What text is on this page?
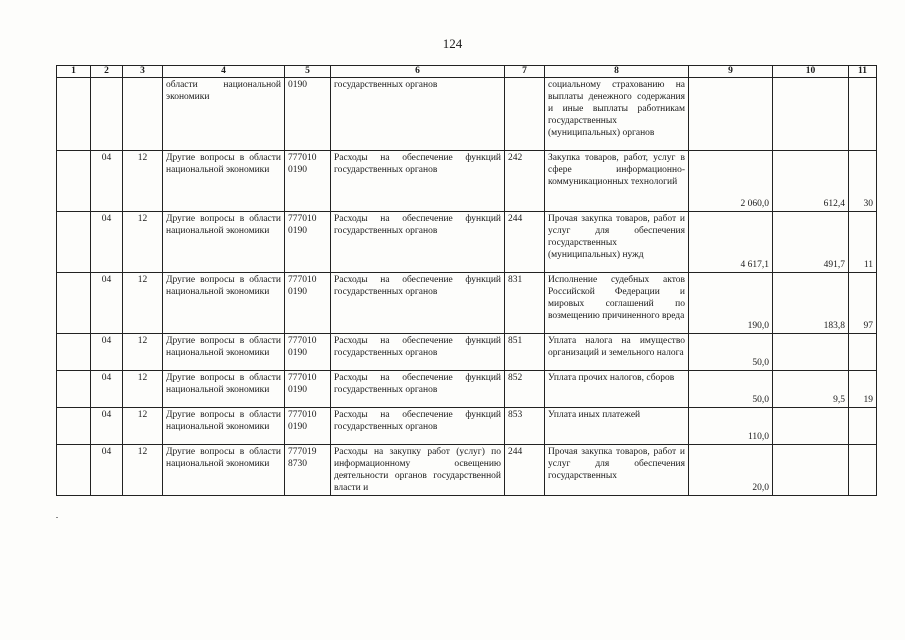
124
1	2	3	4	5	6	7	8	9	10	11
			области национальной экономики	0190	государственных органов		социальному страхованию на выплаты денежного содержания и иные выплаты работникам государственных (муниципальных) органов			
	04	12	Другие вопросы в области национальной экономики	777010 0190	Расходы на обеспечение функций государственных органов	242	Закупка товаров, работ, услуг в сфере информационно-коммуникационных технологий	2 060,0	612,4	30
	04	12	Другие вопросы в области национальной экономики	777010 0190	Расходы на обеспечение функций государственных органов	244	Прочая закупка товаров, работ и услуг для обеспечения государственных (муниципальных) нужд	4 617,1	491,7	11
	04	12	Другие вопросы в области национальной экономики	777010 0190	Расходы на обеспечение функций государственных органов	831	Исполнение судебных актов Российской Федерации и мировых соглашений по возмещению причиненного вреда	190,0	183,8	97
	04	12	Другие вопросы в области национальной экономики	777010 0190	Расходы на обеспечение функций государственных органов	851	Уплата налога на имущество организаций и земельного налога	50,0		
	04	12	Другие вопросы в области национальной экономики	777010 0190	Расходы на обеспечение функций государственных органов	852	Уплата прочих налогов, сборов	50,0	9,5	19
	04	12	Другие вопросы в области национальной экономики	777010 0190	Расходы на обеспечение функций государственных органов	853	Уплата иных платежей	110,0		
	04	12	Другие вопросы в области национальной экономики	777019 8730	Расходы на закупку работ (услуг) по информационному освещению деятельности органов государственной власти и	244	Прочая закупка товаров, работ и услуг для обеспечения государственных	20,0		
